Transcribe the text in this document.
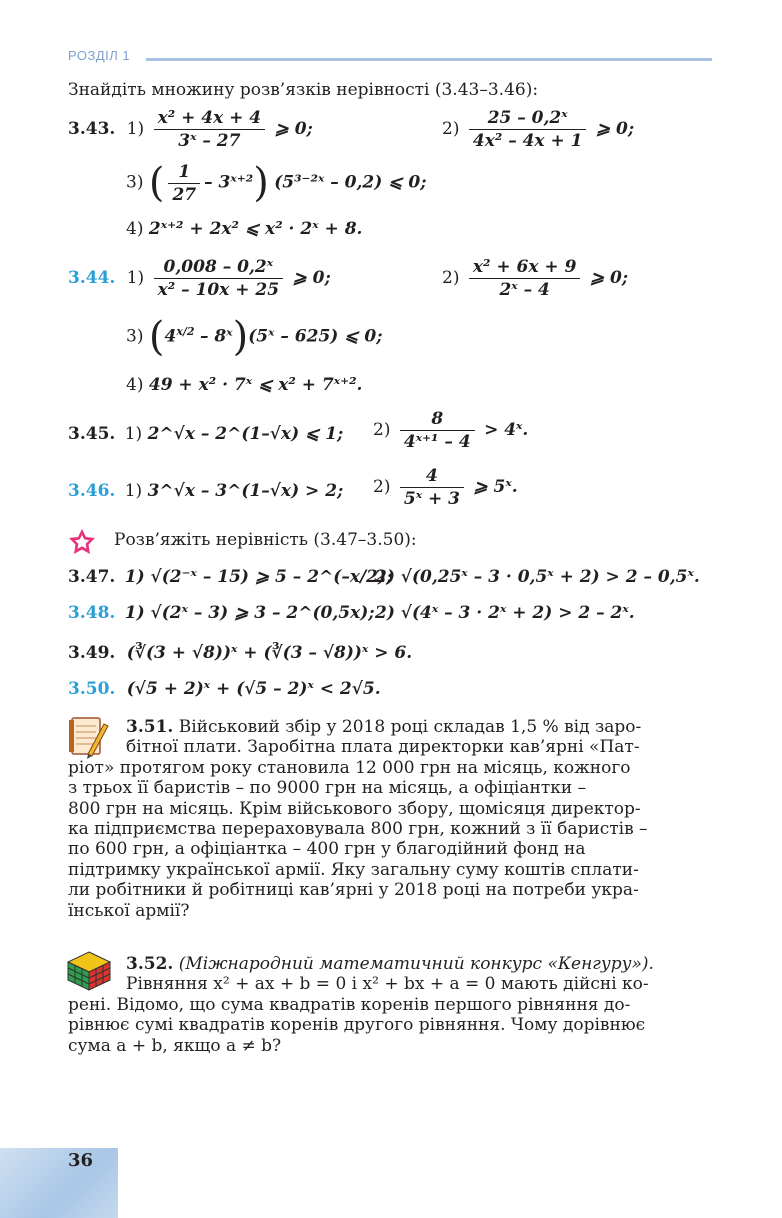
РОЗДІЛ 1
Знайдіть множину розв’язків нерівності (3.43–3.46):
3.43. $1) \frac{\text{x² + 4x + 4}}{\text{3ˣ – 27}}$ ⩾ 0;	$2) \frac{\text{25 – 0,2ˣ}}{\text{4x² – 4x + 1}}$ ⩾ 0;
3) ( $\frac{1}{27}$ – 3ˣ⁺²) (5³⁻²ˣ – 0,2) ⩽ 0;
4) 2ˣ⁺² + 2x² ⩽ x² · 2ˣ + 8.
3.44. $1) \frac{\text{0,008 – 0,2ˣ}}{\text{x² – 10x + 25}}$ ⩾ 0;	$2) \frac{\text{x² + 6x + 9}}{\text{2ˣ – 4}}$ ⩾ 0;
3) ($4^{x/2}$ – 8ˣ)(5ˣ – 625) ⩽ 0;
4) 49 + x² · 7ˣ ⩽ x² + 7ˣ⁺².
3.45. 1) 2^√x – 2^(1–√x) ⩽ 1; $2) \frac{8}{\text{4ˣ⁺¹ – 4}}$ > 4ˣ.
3.46. 1) 3^√x – 3^(1–√x) > 2; $2) \frac{4}{\text{5ˣ + 3}}$ ⩾ 5ˣ.
Розв’яжіть нерівність (3.47–3.50):
3.47. 1) √(2⁻ˣ – 15) ⩾ 5 – 2^(–x/2);
2) √(0,25ˣ – 3 · 0,5ˣ + 2) > 2 – 0,5ˣ.
3.48. 1) √(2ˣ – 3) ⩾ 3 – 2^(0,5x); 2) √(4ˣ – 3 · 2ˣ + 2) > 2 – 2ˣ.
3.49. (∛(3 + √8))ˣ + (∛(3 – √8))ˣ > 6.
3.50. (√5 + 2)ˣ + (√5 – 2)ˣ < 2√5.

3.51. Військовий збір у 2018 році складав 1,5 % від заро-

бітної плати. Заробітна плата директорки кав’ярні «Пат-

ріот» протягом року становила 12 000 грн на місяць, кожного

з трьох її баристів – по 9000 грн на місяць, а офіціантки –

800 грн на місяць. Крім військового збору, щомісяця директор-

ка підприємства перераховувала 800 грн, кожний з її баристів –

по 600 грн, а офіціантка – 400 грн у благодійний фонд на

підтримку української армії. Яку загальну суму коштів сплати-

ли робітники й робітниці кав’ярні у 2018 році на потреби укра-

їнської армії?

3.52. (Міжнародний математичний конкурс «Кенгуру»).

Рівняння x² + ax + b = 0 і x² + bx + a = 0 мають дійсні ко-

рені. Відомо, що сума квадратів коренів першого рівняння до-

рівнює сумі квадратів коренів другого рівняння. Чому дорівнює

сума a + b, якщо a ≠ b?

36
